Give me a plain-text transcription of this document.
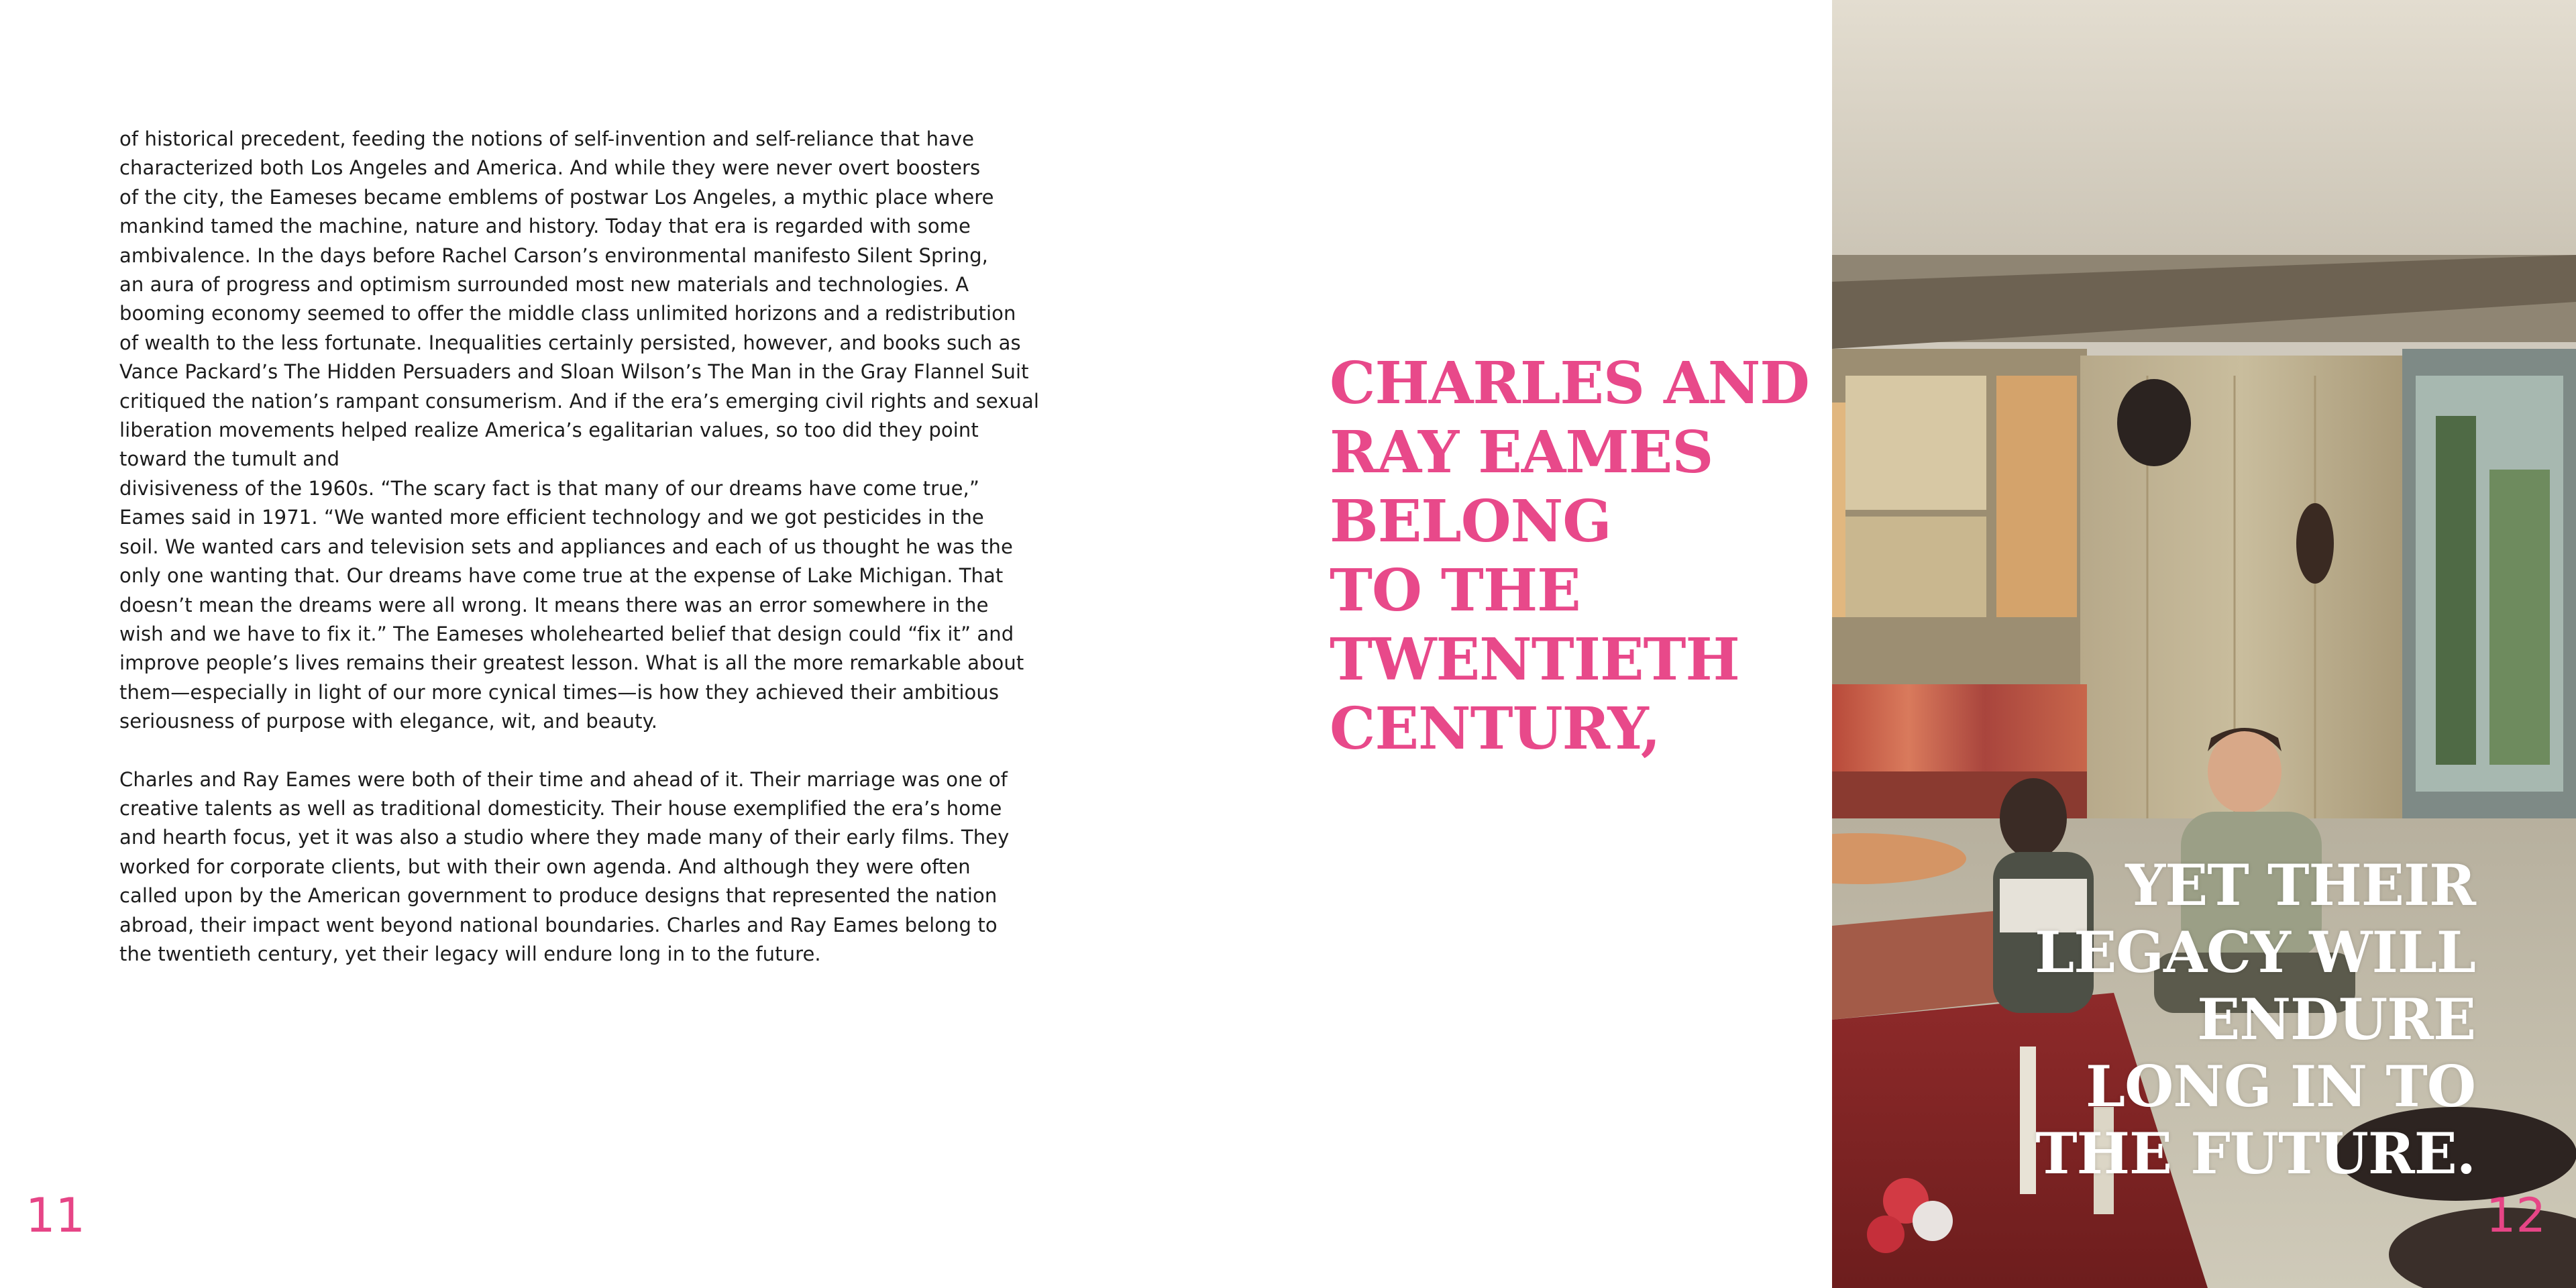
of historical precedent, feeding the notions of self-invention and self-reliance that have
characterized both Los Angeles and America. And while they were never overt boosters
of the city, the Eameses became emblems of postwar Los Angeles, a mythic place where
mankind tamed the machine, nature and history. Today that era is regarded with some
ambivalence. In the days before Rachel Carson’s environmental manifesto Silent Spring,
an aura of progress and optimism surrounded most new materials and technologies. A
booming economy seemed to offer the middle class unlimited horizons and a redistribution
of wealth to the less fortunate. Inequalities certainly persisted, however, and books such as
Vance Packard’s The Hidden Persuaders and Sloan Wilson’s The Man in the Gray Flannel Suit
critiqued the nation’s rampant consumerism. And if the era’s emerging civil rights and sexual
liberation movements helped realize America’s egalitarian values, so too did they point
toward the tumult and
divisiveness of the 1960s. “The scary fact is that many of our dreams have come true,”
Eames said in 1971. “We wanted more efficient technology and we got pesticides in the
soil. We wanted cars and television sets and appliances and each of us thought he was the
only one wanting that. Our dreams have come true at the expense of Lake Michigan. That
doesn’t mean the dreams were all wrong. It means there was an error somewhere in the
wish and we have to fix it.” The Eameses wholehearted belief that design could “fix it” and
improve people’s lives remains their greatest lesson. What is all the more remarkable about
them—especially in light of our more cynical times—is how they achieved their ambitious
seriousness of purpose with elegance, wit, and beauty.

Charles and Ray Eames were both of their time and ahead of it. Their marriage was one of
creative talents as well as traditional domesticity. Their house exemplified the era’s home
and hearth focus, yet it was also a studio where they made many of their early films. They
worked for corporate clients, but with their own agenda. And although they were often
called upon by the American government to produce designs that represented the nation
abroad, their impact went beyond national boundaries. Charles and Ray Eames belong to
the twentieth century, yet their legacy will endure long in to the future.

11
CHARLES AND
RAY EAMES
BELONG
TO THE
TWENTIETH
CENTURY,
YET THEIR
LEGACY WILL
ENDURE
LONG IN TO
THE FUTURE.
12
